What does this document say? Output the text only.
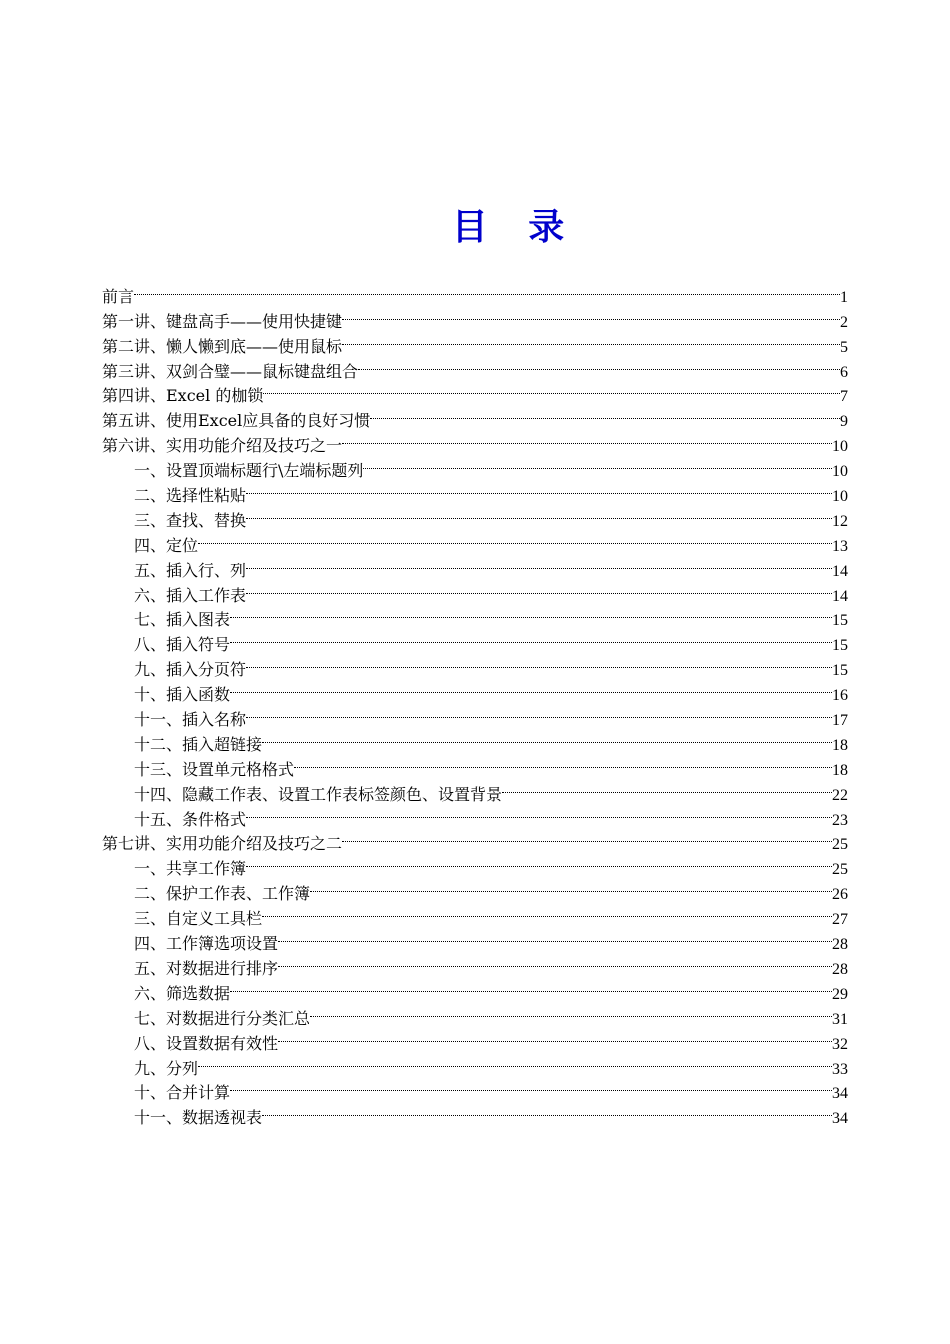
目 录
前言	1
第一讲、键盘高手——使用快捷键	2
第二讲、懒人懒到底——使用鼠标	5
第三讲、双剑合璧——鼠标键盘组合	6
第四讲、Excel 的枷锁	7
第五讲、使用Excel应具备的良好习惯	9
第六讲、实用功能介绍及技巧之一	10
一、设置顶端标题行\左端标题列	10
二、选择性粘贴	10
三、查找、替换	12
四、定位	13
五、插入行、列	14
六、插入工作表	14
七、插入图表	15
八、插入符号	15
九、插入分页符	15
十、插入函数	16
十一、插入名称	17
十二、插入超链接	18
十三、设置单元格格式	18
十四、隐藏工作表、设置工作表标签颜色、设置背景	22
十五、条件格式	23
第七讲、实用功能介绍及技巧之二	25
一、共享工作簿	25
二、保护工作表、工作簿	26
三、自定义工具栏	27
四、工作簿选项设置	28
五、对数据进行排序	28
六、筛选数据	29
七、对数据进行分类汇总	31
八、设置数据有效性	32
九、分列	33
十、合并计算	34
十一、数据透视表	34
